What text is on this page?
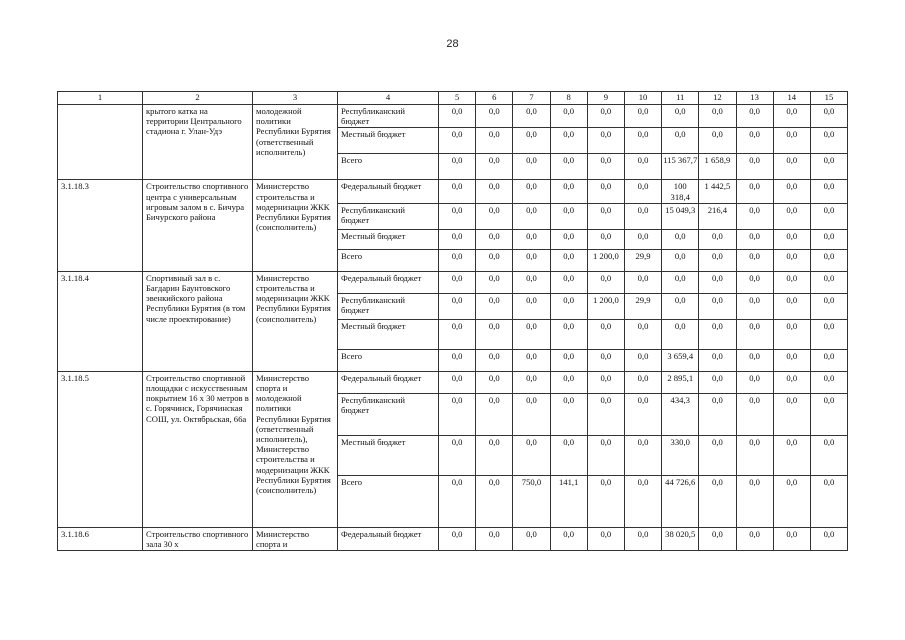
28
1	2	3	4	5	6	7	8	9	10	11	12	13	14	15
	крытого катка на территории Центрального стадиона г. Улан-Удэ	молодежной политики Республики Бурятия (ответственный исполнитель)	Республиканский бюджет	0,0	0,0	0,0	0,0	0,0	0,0	0,0	0,0	0,0	0,0	0,0
			Местный бюджет	0,0	0,0	0,0	0,0	0,0	0,0	0,0	0,0	0,0	0,0	0,0
			Всего	0,0	0,0	0,0	0,0	0,0	0,0	115 367,7	1 658,9	0,0	0,0	0,0
3.1.18.3	Строительство спортивного центра с универсальным игровым залом в с. Бичура Бичурского района	Министерство строительства и модернизации ЖКК Республики Бурятия (соисполнитель)	Федеральный бюджет	0,0	0,0	0,0	0,0	0,0	0,0	100 318,4	1 442,5	0,0	0,0	0,0
			Республиканский бюджет	0,0	0,0	0,0	0,0	0,0	0,0	15 049,3	216,4	0,0	0,0	0,0
			Местный бюджет	0,0	0,0	0,0	0,0	0,0	0,0	0,0	0,0	0,0	0,0	0,0
			Всего	0,0	0,0	0,0	0,0	1 200,0	29,9	0,0	0,0	0,0	0,0	0,0
3.1.18.4	Спортивный зал в с. Багдарин Баунтовского эвенкийского района Республики Бурятия (в том числе проектирование)	Министерство строительства и модернизации ЖКК Республики Бурятия (соисполнитель)	Федеральный бюджет	0,0	0,0	0,0	0,0	0,0	0,0	0,0	0,0	0,0	0,0	0,0
			Республиканский бюджет	0,0	0,0	0,0	0,0	1 200,0	29,9	0,0	0,0	0,0	0,0	0,0
			Местный бюджет	0,0	0,0	0,0	0,0	0,0	0,0	0,0	0,0	0,0	0,0	0,0
			Всего	0,0	0,0	0,0	0,0	0,0	0,0	3 659,4	0,0	0,0	0,0	0,0
3.1.18.5	Строительство спортивной площадки с искусственным покрытием 16 х 30 метров в с. Горячинск, Горячинская СОШ, ул. Октябрьская, 66а	Министерство спорта и молодежной политики Республики Бурятия (ответственный исполнитель), Министерство строительства и модернизации ЖКК Республики Бурятия (соисполнитель)	Федеральный бюджет	0,0	0,0	0,0	0,0	0,0	0,0	2 895,1	0,0	0,0	0,0	0,0
			Республиканский бюджет	0,0	0,0	0,0	0,0	0,0	0,0	434,3	0,0	0,0	0,0	0,0
			Местный бюджет	0,0	0,0	0,0	0,0	0,0	0,0	330,0	0,0	0,0	0,0	0,0
			Всего	0,0	0,0	750,0	141,1	0,0	0,0	44 726,6	0,0	0,0	0,0	0,0
3.1.18.6	Строительство спортивного зала 30 х	Министерство спорта и	Федеральный бюджет	0,0	0,0	0,0	0,0	0,0	0,0	38 020,5	0,0	0,0	0,0	0,0
